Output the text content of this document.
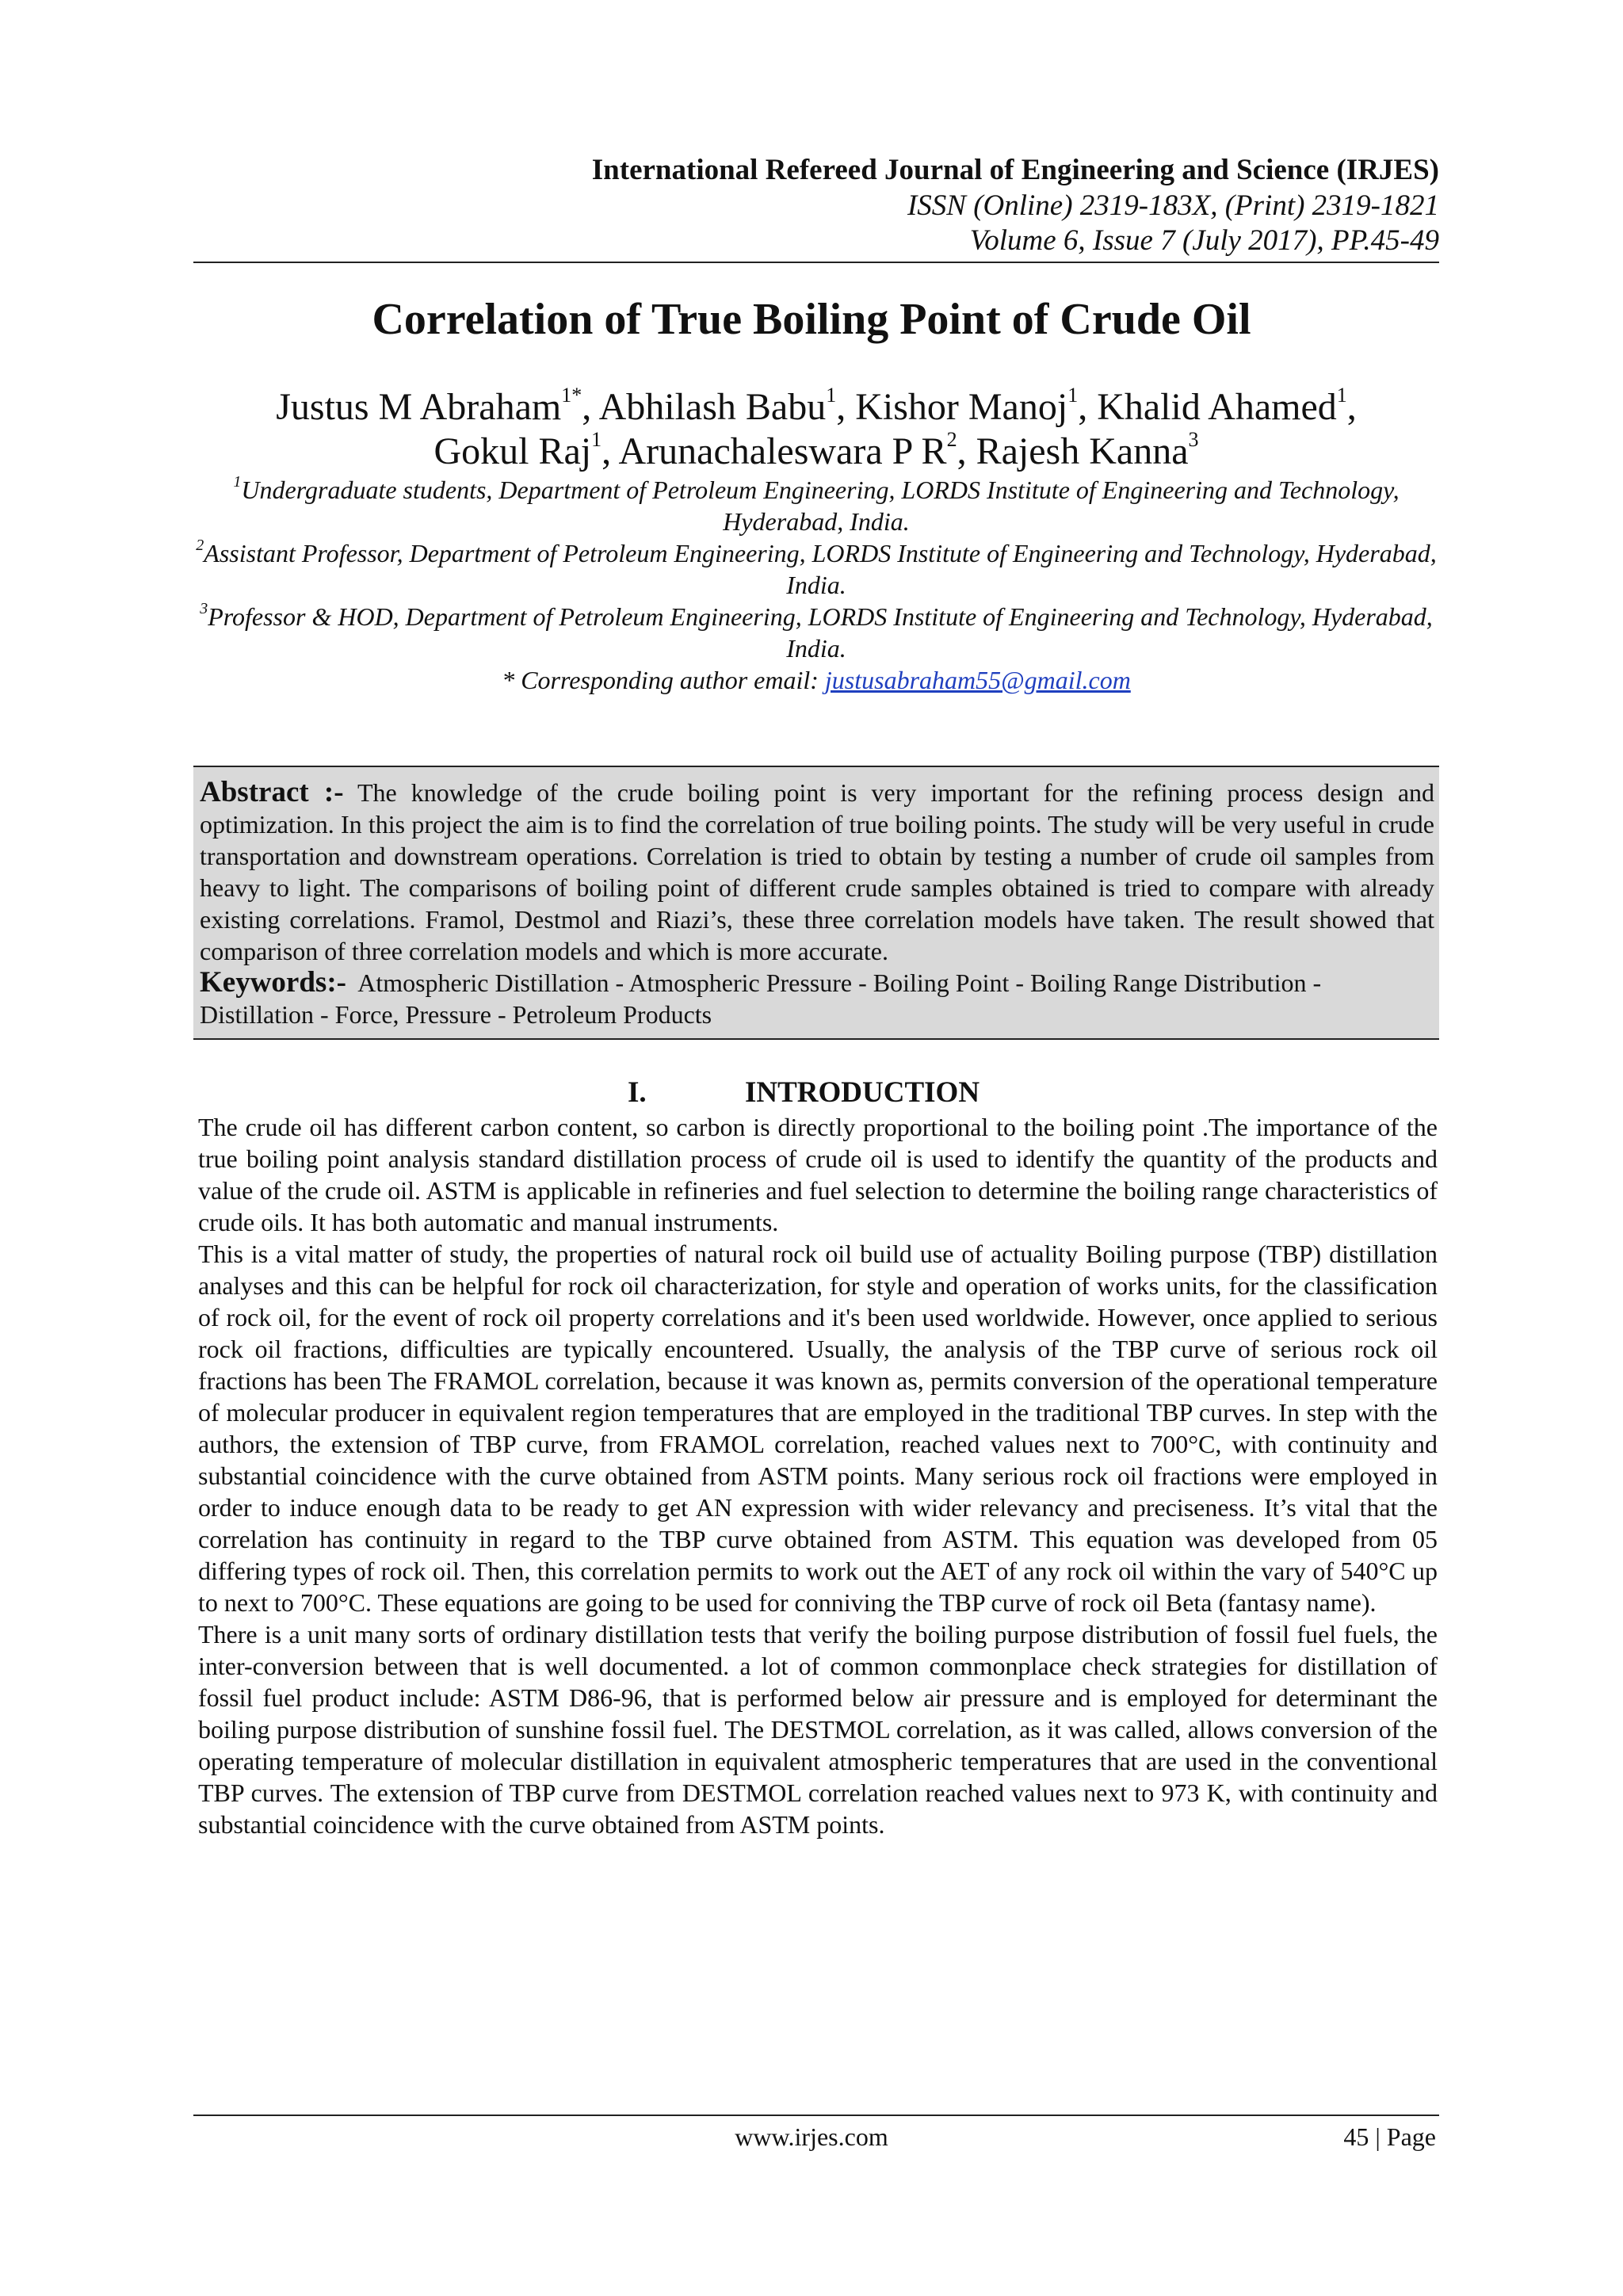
International Refereed Journal of Engineering and Science (IRJES)
ISSN (Online) 2319-183X, (Print) 2319-1821
Volume 6, Issue 7 (July 2017), PP.45-49
Correlation of True Boiling Point of Crude Oil
Justus M Abraham$^{1*}$, Abhilash Babu$^1$, Kishor Manoj$^1$, Khalid Ahamed$^1$,
Gokul Raj$^1$, Arunachaleswara P $R^2$, Rajesh Kanna$^3$
$^1$Undergraduate students, Department of Petroleum Engineering, LORDS Institute of Engineering and Technology, Hyderabad, India.
$^2$Assistant Professor, Department of Petroleum Engineering, LORDS Institute of Engineering and Technology, Hyderabad, India.
$^3$Professor & HOD, Department of Petroleum Engineering, LORDS Institute of Engineering and Technology, Hyderabad, India.
* Corresponding author email: justusabraham55@gmail.com

Abstract :- The knowledge of the crude boiling point is very important for the refining process design and optimization. In this project the aim is to find the correlation of true boiling points. The study will be very useful in crude transportation and downstream operations. Correlation is tried to obtain by testing a number of crude oil samples from heavy to light. The comparisons of boiling point of different crude samples obtained is tried to compare with already existing correlations. Framol, Destmol and Riazi’s, these three correlation models have taken. The result showed that comparison of three correlation models and which is more accurate.

Keywords:- Atmospheric Distillation - Atmospheric Pressure - Boiling Point - Boiling Range Distribution - Distillation - Force, Pressure - Petroleum Products

I.	INTRODUCTION

The crude oil has different carbon content, so carbon is directly proportional to the boiling point .The importance of the true boiling point analysis standard distillation process of crude oil is used to identify the quantity of the products and value of the crude oil. ASTM is applicable in refineries and fuel selection to determine the boiling range characteristics of crude oils. It has both automatic and manual instruments.

This is a vital matter of study, the properties of natural rock oil build use of actuality Boiling purpose (TBP) distillation analyses and this can be helpful for rock oil characterization, for style and operation of works units, for the classification of rock oil, for the event of rock oil property correlations and it's been used worldwide. However, once applied to serious rock oil fractions, difficulties are typically encountered. Usually, the analysis of the TBP curve of serious rock oil fractions has been The FRAMOL correlation, because it was known as, permits conversion of the operational temperature of molecular producer in equivalent region temperatures that are employed in the traditional TBP curves. In step with the authors, the extension of TBP curve, from FRAMOL correlation, reached values next to 700°C, with continuity and substantial coincidence with the curve obtained from ASTM points. Many serious rock oil fractions were employed in order to induce enough data to be ready to get AN expression with wider relevancy and preciseness. It’s vital that the correlation has continuity in regard to the TBP curve obtained from ASTM. This equation was developed from 05 differing types of rock oil. Then, this correlation permits to work out the AET of any rock oil within the vary of 540°C up to next to 700°C. These equations are going to be used for conniving the TBP curve of rock oil Beta (fantasy name).

There is a unit many sorts of ordinary distillation tests that verify the boiling purpose distribution of fossil fuel fuels, the inter-conversion between that is well documented. a lot of common commonplace check strategies for distillation of fossil fuel product include: ASTM D86-96, that is performed below air pressure and is employed for determinant the boiling purpose distribution of sunshine fossil fuel. The DESTMOL correlation, as it was called, allows conversion of the operating temperature of molecular distillation in equivalent atmospheric temperatures that are used in the conventional TBP curves. The extension of TBP curve from DESTMOL correlation reached values next to 973 K, with continuity and substantial coincidence with the curve obtained from ASTM points.

www.irjes.com	45 | Page
